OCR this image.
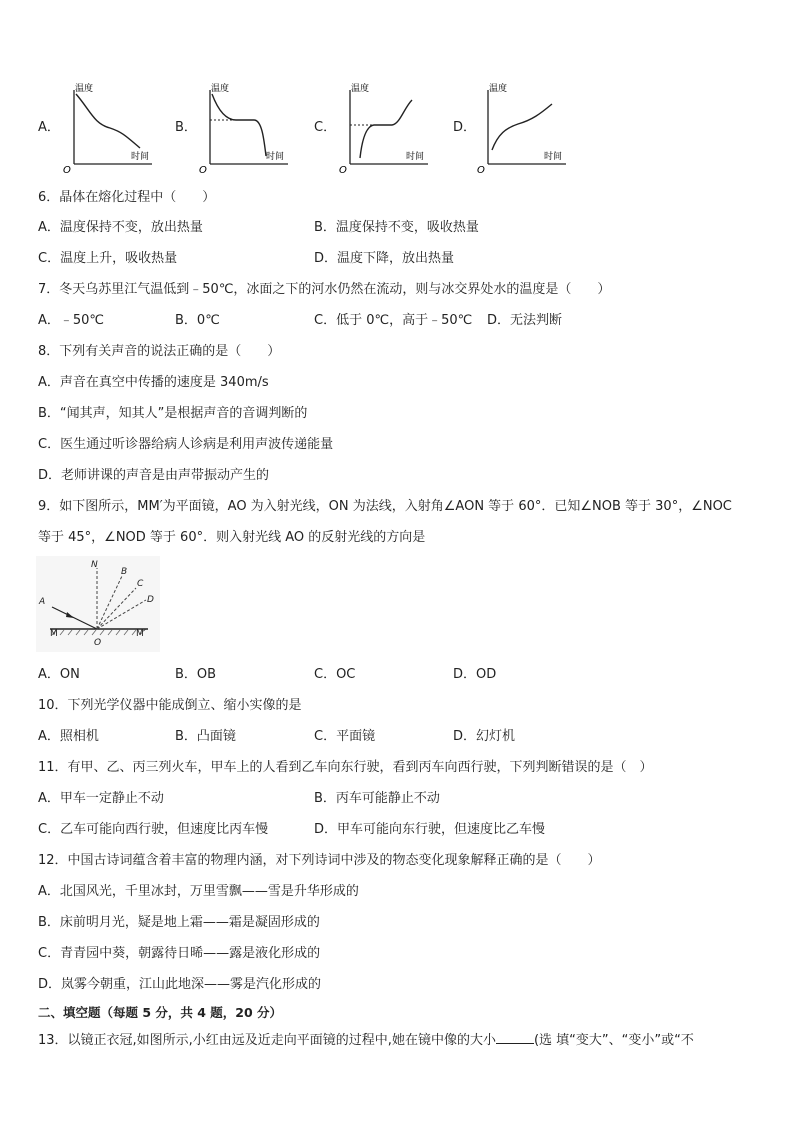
A．
温度
时间
O
B．
温度
时间
O
C．
温度
时间
O
D．
温度
时间
O
6．晶体在熔化过程中（　　）
A．温度保持不变，放出热量	B．温度保持不变，吸收热量
C．温度上升，吸收热量	D．温度下降，放出热量
7．冬天乌苏里江气温低到﹣50℃，冰面之下的河水仍然在流动，则与冰交界处水的温度是（　　）
A．﹣50℃	B．0℃	C．低于 0℃，高于﹣50℃ D．无法判断
8．下列有关声音的说法正确的是（　　）
A．声音在真空中传播的速度是 340m/s
B．“闻其声，知其人”是根据声音的音调判断的
C．医生通过听诊器给病人诊病是利用声波传递能量
D．老师讲课的声音是由声带振动产生的
9．如下图所示，MM′为平面镜，AO 为入射光线，ON 为法线，入射角∠AON 等于 60°．已知∠NOB 等于 30°，∠NOC
等于 45°，∠NOD 等于 60°．则入射光线 AO 的反射光线的方向是
N
B
C
D
A
M	M′
O
A．ON	B．OB	C．OC	D．OD
10．下列光学仪器中能成倒立、缩小实像的是
A．照相机	B．凸面镜	C．平面镜	D．幻灯机
11．有甲、乙、丙三列火车，甲车上的人看到乙车向东行驶，看到丙车向西行驶，下列判断错误的是（　）
A．甲车一定静止不动	B．丙车可能静止不动
C．乙车可能向西行驶，但速度比丙车慢	D．甲车可能向东行驶，但速度比乙车慢
12．中国古诗词蕴含着丰富的物理内涵，对下列诗词中涉及的物态变化现象解释正确的是（　　）
A．北国风光，千里冰封，万里雪飘——雪是升华形成的
B．床前明月光，疑是地上霜——霜是凝固形成的
C．青青园中葵，朝露待日晞——露是液化形成的
D．岚雾今朝重，江山此地深——雾是汽化形成的
二、填空题（每题 5 分，共 4 题，20 分）
13．以镜正衣冠,如图所示,小红由远及近走向平面镜的过程中,她在镜中像的大小	(选 填“变大”、“变小”或“不
